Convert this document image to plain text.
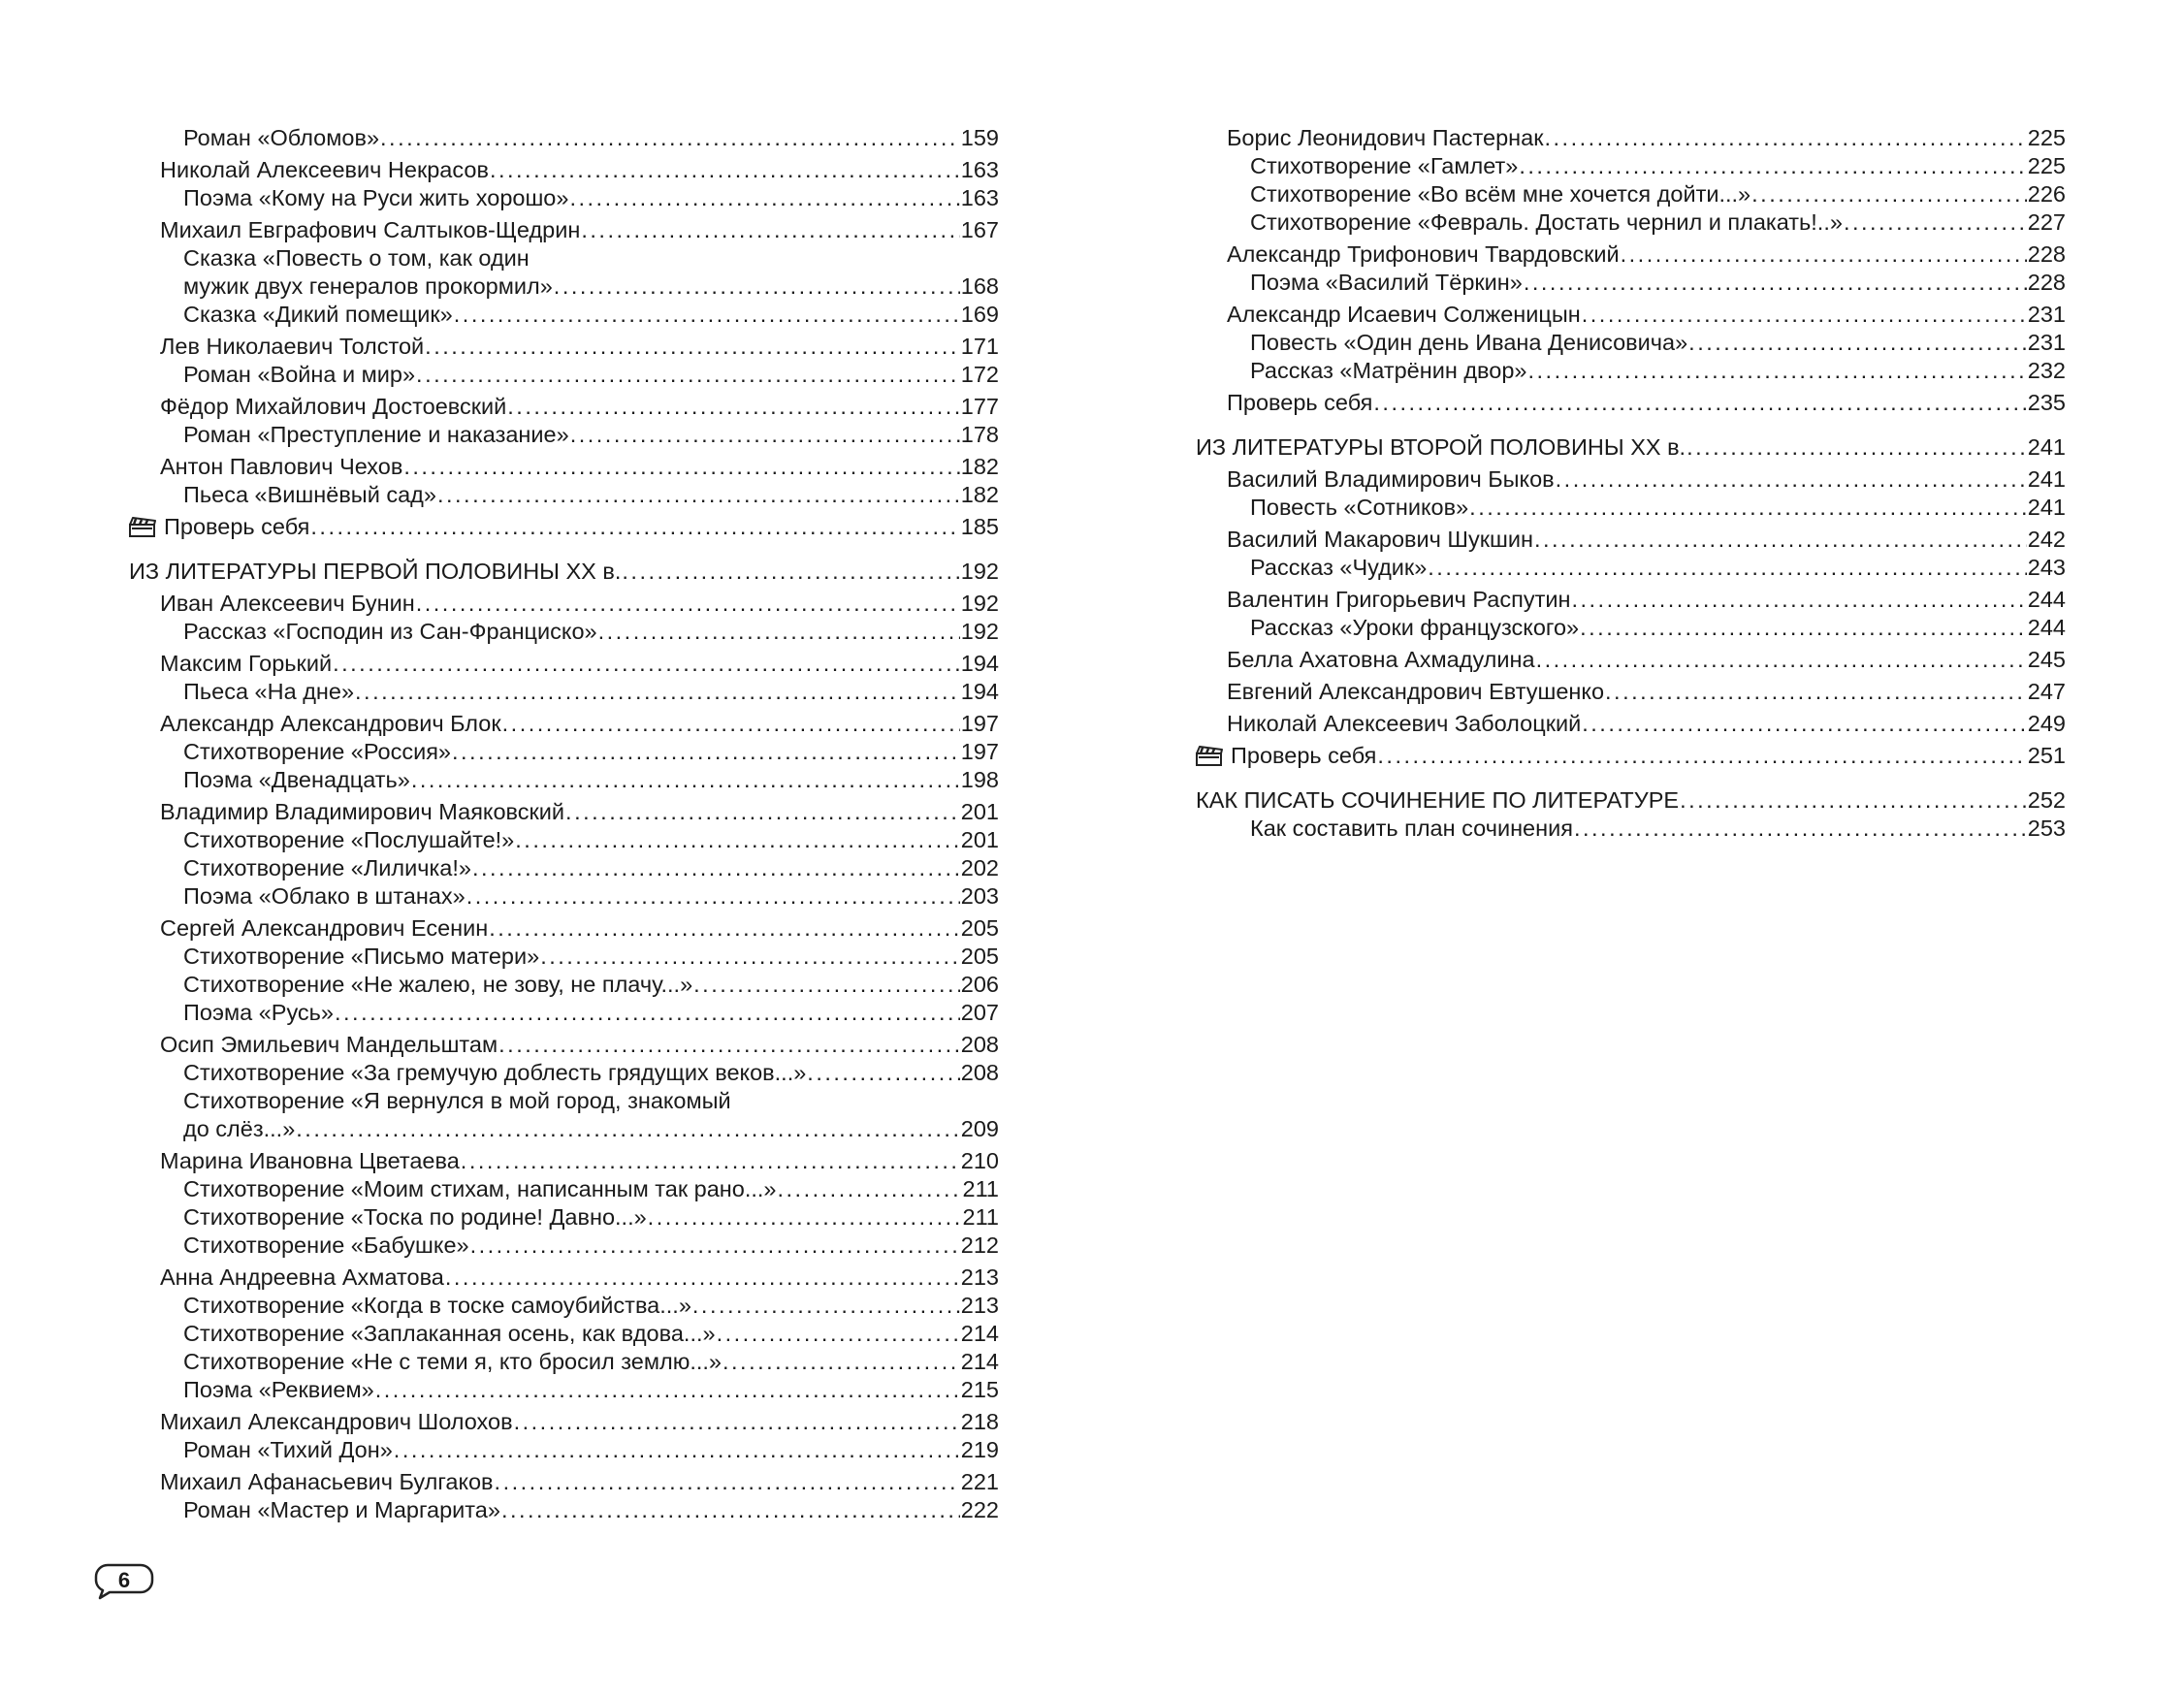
Роман «Обломов» .....	159
Николай Алексеевич Некрасов .....	163
Поэма «Кому на Руси жить хорошо» .....	163
Михаил Евграфович Салтыков-Щедрин .....	167
Сказка «Повесть о том, как один
мужик двух генералов прокормил» .....	168
Сказка «Дикий помещик» .....	169
Лев Николаевич Толстой .....	171
Роман «Война и мир» .....	172
Фёдор Михайлович Достоевский .....	177
Роман «Преступление и наказание» .....	178
Антон Павлович Чехов .....	182
Пьеса «Вишнёвый сад» .....	182
Проверь себя .....	185
ИЗ ЛИТЕРАТУРЫ ПЕРВОЙ ПОЛОВИНЫ XX в. .....	192
Иван Алексеевич Бунин .....	192
Рассказ «Господин из Сан-Франциско» .....	192
Максим Горький .....	194
Пьеса «На дне» .....	194
Александр Александрович Блок .....	197
Стихотворение «Россия» .....	197
Поэма «Двенадцать» .....	198
Владимир Владимирович Маяковский .....	201
Стихотворение «Послушайте!» .....	201
Стихотворение «Лиличка!» .....	202
Поэма «Облако в штанах» .....	203
Сергей Александрович Есенин .....	205
Стихотворение «Письмо матери» .....	205
Стихотворение «Не жалею, не зову, не плачу...» .....	206
Поэма «Русь» .....	207
Осип Эмильевич Мандельштам .....	208
Стихотворение «За гремучую доблесть грядущих веков...» .....	208
Стихотворение «Я вернулся в мой город, знакомый
до слёз...» .....	209
Марина Ивановна Цветаева .....	210
Стихотворение «Моим стихам, написанным так рано...» .....	211
Стихотворение «Тоска по родине! Давно...» .....	211
Стихотворение «Бабушке» .....	212
Анна Андреевна Ахматова .....	213
Стихотворение «Когда в тоске самоубийства...» .....	213
Стихотворение «Заплаканная осень, как вдова...» .....	214
Стихотворение «Не с теми я, кто бросил землю...» .....	214
Поэма «Реквием» .....	215
Михаил Александрович Шолохов .....	218
Роман «Тихий Дон» .....	219
Михаил Афанасьевич Булгаков .....	221
Роман «Мастер и Маргарита» .....	222
Борис Леонидович Пастернак .....	225
Стихотворение «Гамлет» .....	225
Стихотворение «Во всём мне хочется дойти...» .....	226
Стихотворение «Февраль. Достать чернил и плакать!..» .....	227
Александр Трифонович Твардовский .....	228
Поэма «Василий Тёркин» .....	228
Александр Исаевич Солженицын .....	231
Повесть «Один день Ивана Денисовича» .....	231
Рассказ «Матрёнин двор» .....	232
Проверь себя .....	235
ИЗ ЛИТЕРАТУРЫ ВТОРОЙ ПОЛОВИНЫ XX в. .....	241
Василий Владимирович Быков .....	241
Повесть «Сотников» .....	241
Василий Макарович Шукшин .....	242
Рассказ «Чудик» .....	243
Валентин Григорьевич Распутин .....	244
Рассказ «Уроки французского» .....	244
Белла Ахатовна Ахмадулина .....	245
Евгений Александрович Евтушенко .....	247
Николай Алексеевич Заболоцкий .....	249
Проверь себя .....	251
КАК ПИСАТЬ СОЧИНЕНИЕ ПО ЛИТЕРАТУРЕ .....	252
Как составить план сочинения .....	253
6
